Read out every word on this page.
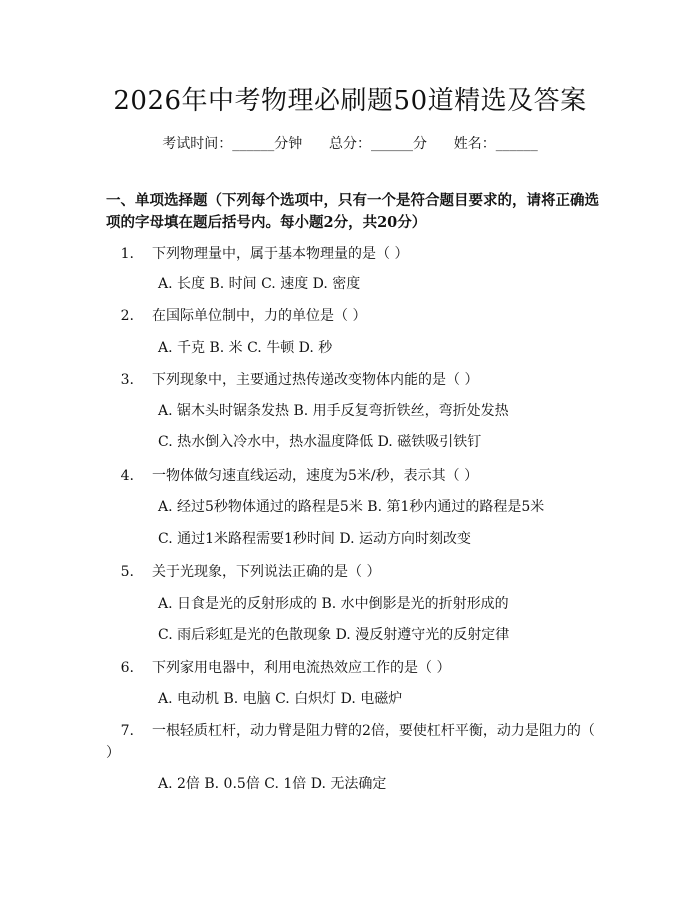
2026年中考物理必刷题50道精选及答案
考试时间：______分钟 总分：______分 姓名：______

一、单项选择题（下列每个选项中，只有一个是符合题目要求的，请将正确选项的字母填在题后括号内。每小题2分，共20分）

1. 下列物理量中，属于基本物理量的是（ ）
A. 长度 B. 时间 C. 速度 D. 密度
2. 在国际单位制中，力的单位是（ ）
A. 千克 B. 米 C. 牛顿 D. 秒
3. 下列现象中，主要通过热传递改变物体内能的是（ ）
A. 锯木头时锯条发热 B. 用手反复弯折铁丝，弯折处发热
C. 热水倒入冷水中，热水温度降低 D. 磁铁吸引铁钉
4. 一物体做匀速直线运动，速度为5米/秒，表示其（ ）
A. 经过5秒物体通过的路程是5米 B. 第1秒内通过的路程是5米
C. 通过1米路程需要1秒时间 D. 运动方向时刻改变
5. 关于光现象，下列说法正确的是（ ）
A. 日食是光的反射形成的 B. 水中倒影是光的折射形成的
C. 雨后彩虹是光的色散现象 D. 漫反射遵守光的反射定律
6. 下列家用电器中，利用电流热效应工作的是（ ）
A. 电动机 B. 电脑 C. 白炽灯 D. 电磁炉
7. 一根轻质杠杆，动力臂是阻力臂的2倍，要使杠杆平衡，动力是阻力的（ ）
A. 2倍 B. 0.5倍 C. 1倍 D. 无法确定
